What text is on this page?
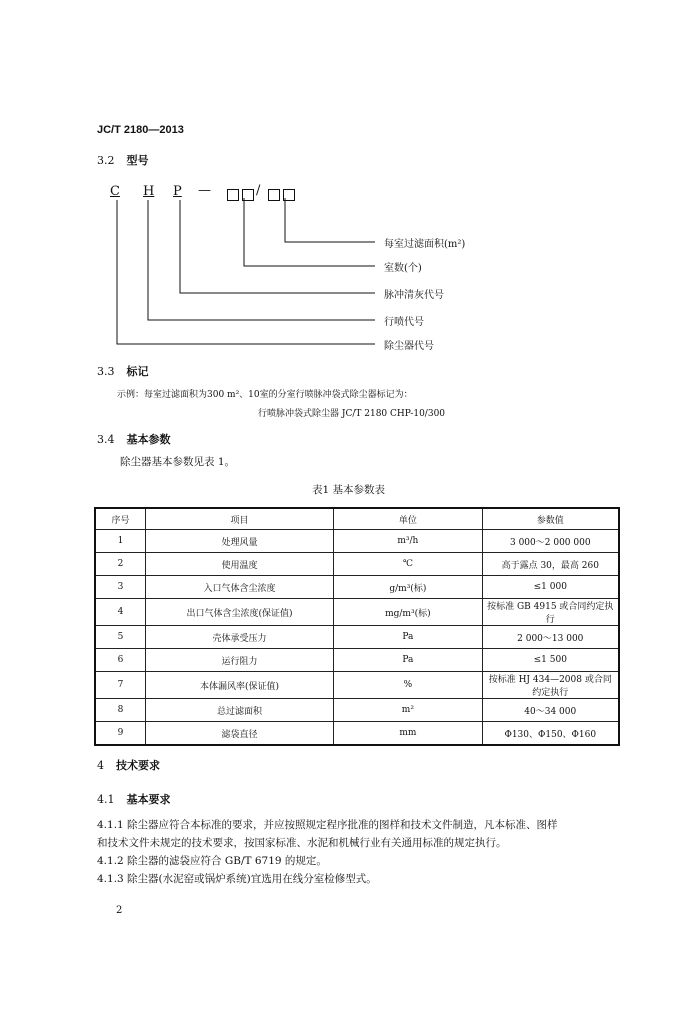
JC/T 2180—2013
3.2 型号
C H P —	/
每室过滤面积(m²)
室数(个)
脉冲清灰代号
行喷代号
除尘器代号
3.3 标记
示例：每室过滤面积为300 m²、10室的分室行喷脉冲袋式除尘器标记为：
行喷脉冲袋式除尘器 JC/T 2180 CHP-10/300
3.4 基本参数
除尘器基本参数见表 1。
表1 基本参数表
序号	项目	单位	参数值
1	处理风量	m³/h	3 000～2 000 000
2	使用温度	℃	高于露点 30，最高 260
3	入口气体含尘浓度	g/m³(标)	≤1 000
4	出口气体含尘浓度(保证值)	mg/m³(标)	按标准 GB 4915 或合同约定执行
5	壳体承受压力	Pa	2 000～13 000
6	运行阻力	Pa	≤1 500
7	本体漏风率(保证值)	%	按标准 HJ 434—2008 或合同约定执行
8	总过滤面积	m²	40～34 000
9	滤袋直径	mm	Φ130、Φ150、Φ160
4 技术要求
4.1 基本要求
4.1.1 除尘器应符合本标准的要求，并应按照规定程序批准的图样和技术文件制造，凡本标准、图样
和技术文件未规定的技术要求，按国家标准、水泥和机械行业有关通用标准的规定执行。
4.1.2 除尘器的滤袋应符合 GB/T 6719 的规定。
4.1.3 除尘器(水泥窑或锅炉系统)宜选用在线分室检修型式。
2
